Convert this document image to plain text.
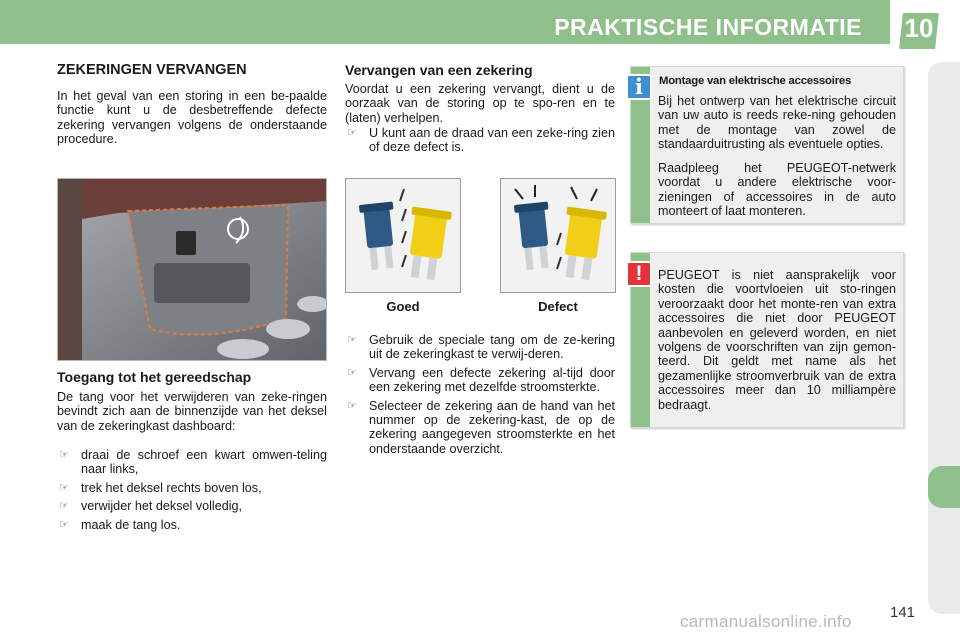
PRAKTISCHE INFORMATIE 10
ZEKERINGEN VERVANGEN

In het geval van een storing in een be-paalde functie kunt u de desbetreffende defecte zekering vervangen volgens de onderstaande procedure.

Toegang tot het gereedschap

De tang voor het verwijderen van zeke-ringen bevindt zich aan de binnenzijde van het deksel van de zekeringkast dashboard:

☞ draai de schroef een kwart omwen-teling naar links,
☞ trek het deksel rechts boven los,
☞ verwijder het deksel volledig,
☞ maak de tang los.
Vervangen van een zekering

Voordat u een zekering vervangt, dient u de oorzaak van de storing op te spo-ren en te (laten) verhelpen.

☞ U kunt aan de draad van een zeke-ring zien of deze defect is.
Goed	Defect
☞ Gebruik de speciale tang om de ze-kering uit de zekeringkast te verwij-deren.
☞ Vervang een defecte zekering al-tijd door een zekering met dezelfde stroomsterkte.
☞ Selecteer de zekering aan de hand van het nummer op de zekering-kast, de op de zekering aangegeven stroomsterkte en het onderstaande overzicht.
i	Montage van elektrische accessoires

Bij het ontwerp van het elektrische circuit van uw auto is reeds reke-ning gehouden met de montage van zowel de standaarduitrusting als eventuele opties.

Raadpleeg het PEUGEOT-netwerk voordat u andere elektrische voor-zieningen of accessoires in de auto monteert of laat monteren.

!	PEUGEOT is niet aansprakelijk voor kosten die voortvloeien uit sto-ringen veroorzaakt door het monte-ren van extra accessoires die niet door PEUGEOT aanbevolen en geleverd worden, en niet volgens de voorschriften van zijn gemon-teerd. Dit geldt met name als het gezamenlijke stroomverbruik van de extra accessoires meer dan 10 milliampère bedraagt.

141
carmanualsonline.info
